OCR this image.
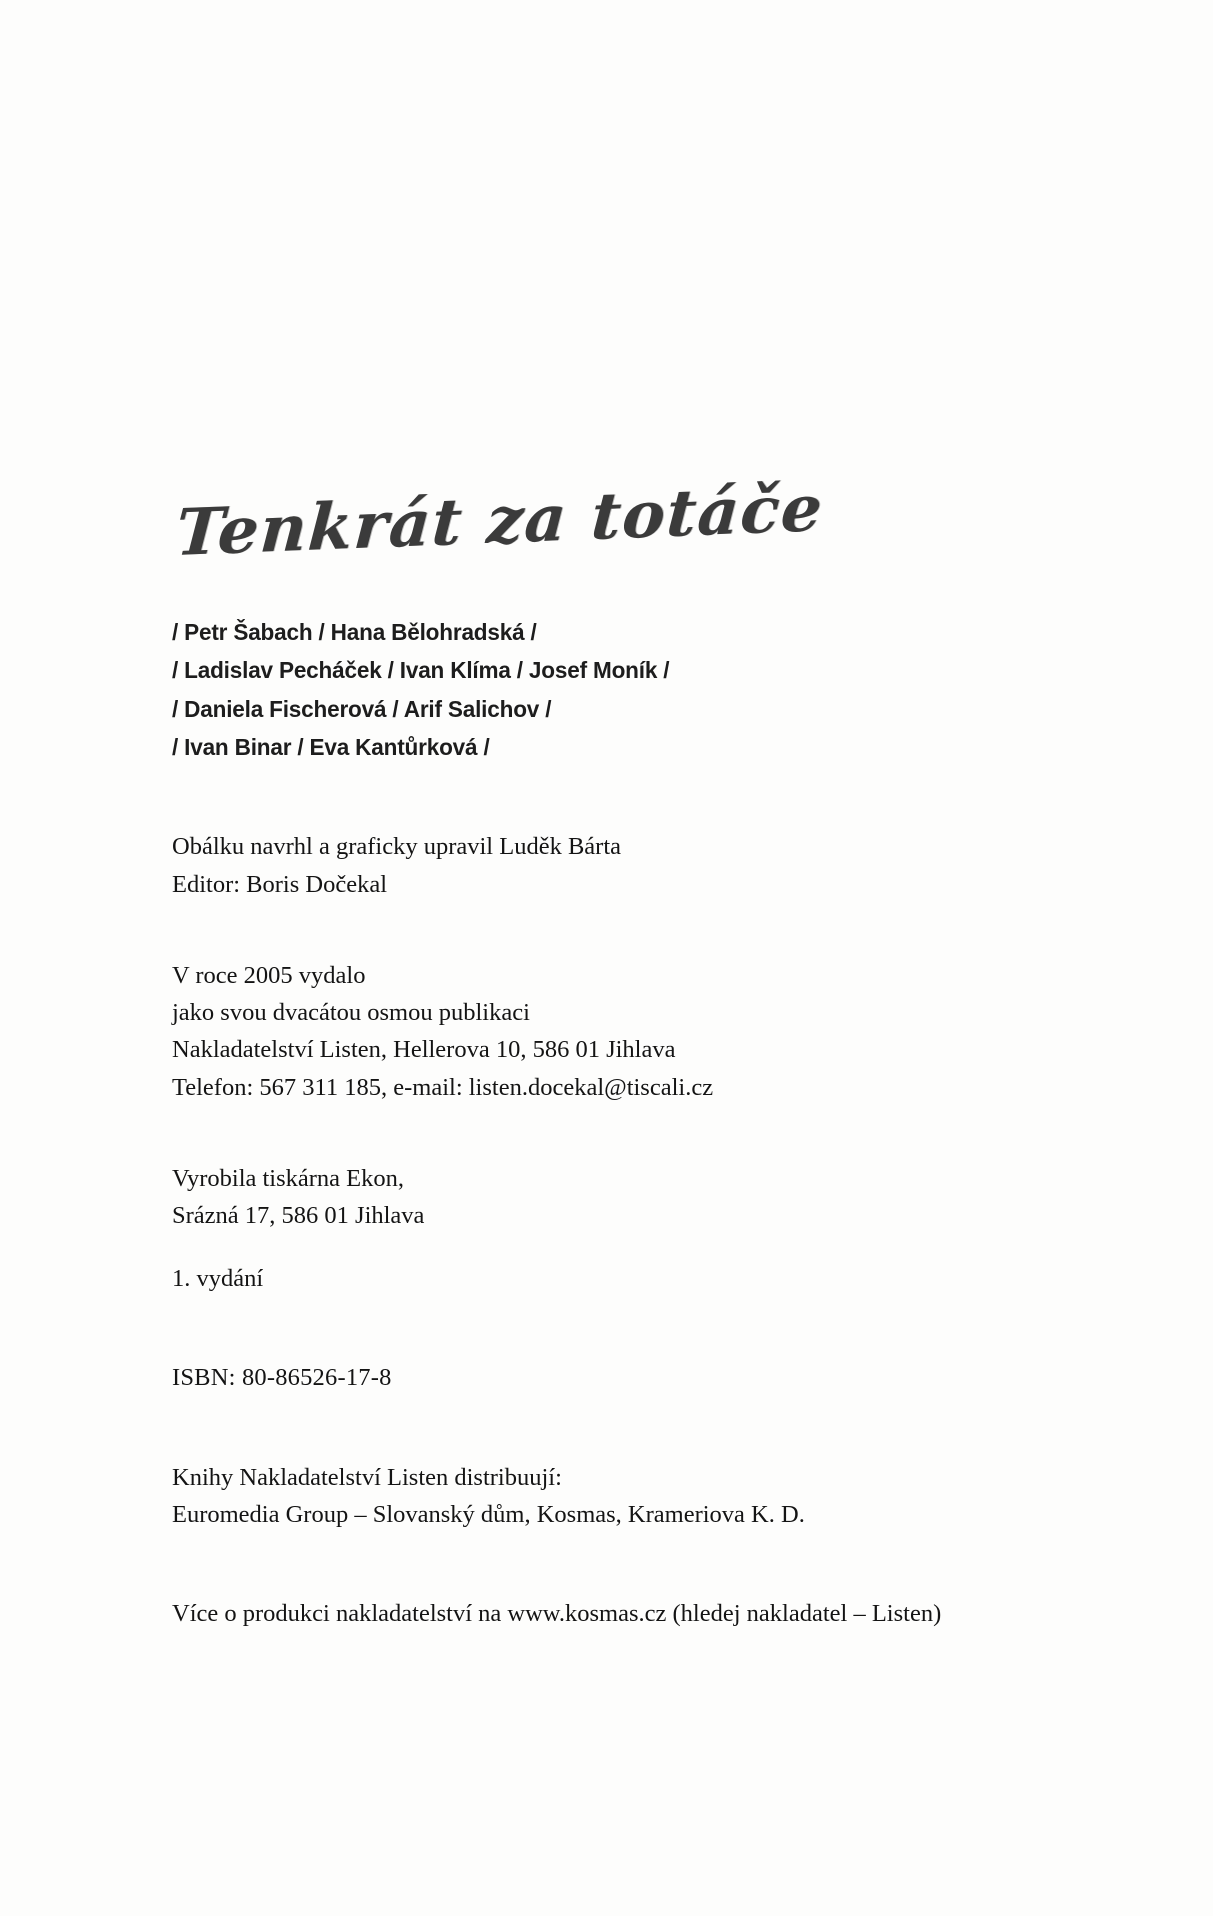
Tenkrát za totáče
/ Petr Šabach / Hana Bělohradská /
/ Ladislav Pecháček / Ivan Klíma / Josef Moník /
/ Daniela Fischerová / Arif Salichov /
/ Ivan Binar / Eva Kantůrková /

Obálku navrhl a graficky upravil Luděk Bárta
Editor: Boris Dočekal

V roce 2005 vydalo
jako svou dvacátou osmou publikaci
Nakladatelství Listen, Hellerova 10, 586 01 Jihlava
Telefon: 567 311 185, e-mail: listen.docekal@tiscali.cz

Vyrobila tiskárna Ekon,
Srázná 17, 586 01 Jihlava

1. vydání

ISBN: 80-86526-17-8

Knihy Nakladatelství Listen distribuují:
Euromedia Group – Slovanský dům, Kosmas, Krameriova K. D.

Více o produkci nakladatelství na www.kosmas.cz (hledej nakladatel – Listen)
